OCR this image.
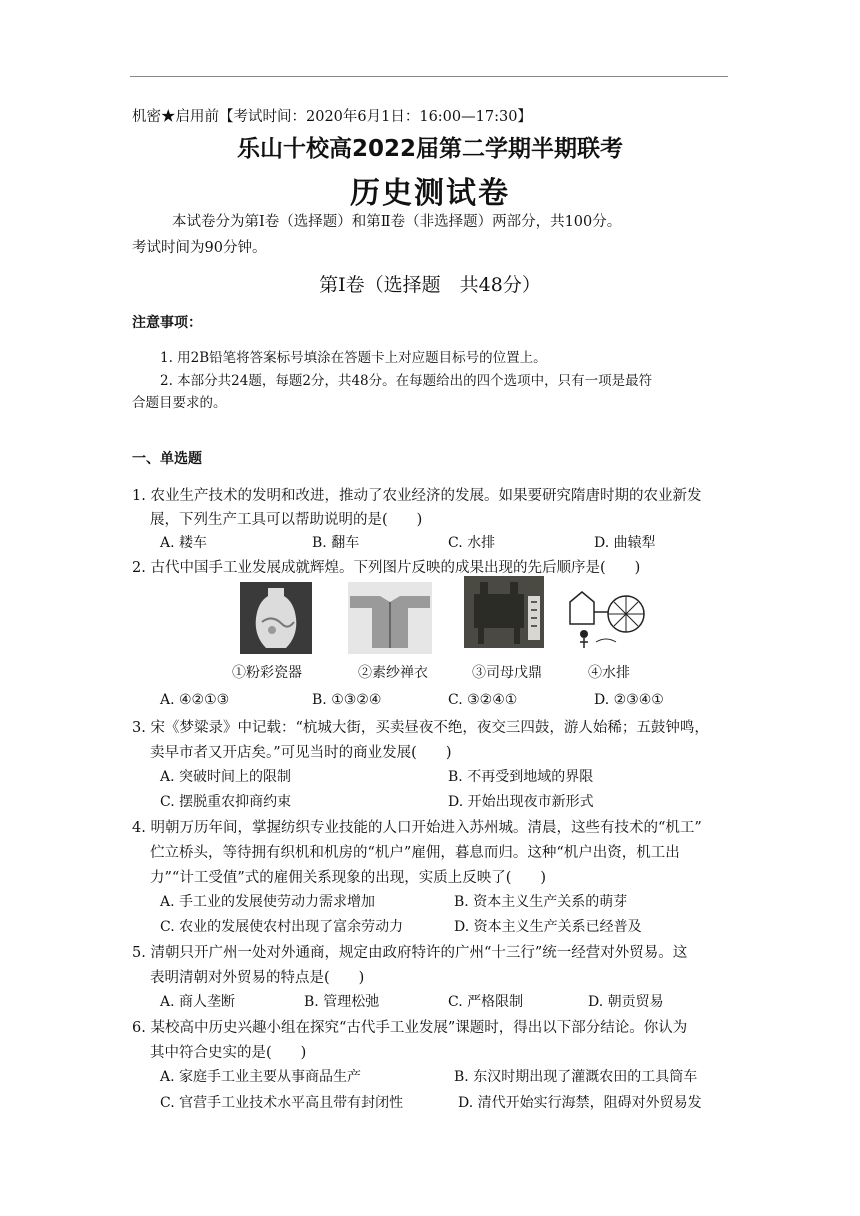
机密★启用前【考试时间：2020年6月1日：16:00—17:30】
乐山十校高2022届第二学期半期联考
历史测试卷
本试卷分为第Ⅰ卷（选择题）和第Ⅱ卷（非选择题）两部分，共100分。
考试时间为90分钟。
第Ⅰ卷（选择题　共48分）
注意事项：
1. 用2B铅笔将答案标号填涂在答题卡上对应题目标号的位置上。
2. 本部分共24题，每题2分，共48分。在每题给出的四个选项中，只有一项是最符
合题目要求的。
一、单选题
1. 农业生产技术的发明和改进，推动了农业经济的发展。如果要研究隋唐时期的农业新发
展，下列生产工具可以帮助说明的是(　　)
A. 耧车	B. 翻车	C. 水排	D. 曲辕犁
2. 古代中国手工业发展成就辉煌。下列图片反映的成果出现的先后顺序是(　　)
①粉彩瓷器	②素纱禅衣	③司母戊鼎	④水排
A. ④②①③	B. ①③②④	C. ③②④①	D. ②③④①
3. 宋《梦粱录》中记载：“杭城大街，买卖昼夜不绝，夜交三四鼓，游人始稀；五鼓钟鸣，
卖早市者又开店矣。”可见当时的商业发展(　　)
A. 突破时间上的限制	B. 不再受到地域的界限
C. 摆脱重农抑商约束	D. 开始出现夜市新形式
4. 明朝万历年间，掌握纺织专业技能的人口开始进入苏州城。清晨，这些有技术的“机工”
伫立桥头，等待拥有织机和机房的“机户”雇佣，暮息而归。这种“机户出资，机工出
力”“计工受值”式的雇佣关系现象的出现，实质上反映了(　　)
A. 手工业的发展使劳动力需求增加	B. 资本主义生产关系的萌芽
C. 农业的发展使农村出现了富余劳动力	D. 资本主义生产关系已经普及
5. 清朝只开广州一处对外通商，规定由政府特许的广州“十三行”统一经营对外贸易。这
表明清朝对外贸易的特点是(　　)
A. 商人垄断	B. 管理松弛	C. 严格限制	D. 朝贡贸易
6. 某校高中历史兴趣小组在探究“古代手工业发展”课题时，得出以下部分结论。你认为
其中符合史实的是(　　)
A. 家庭手工业主要从事商品生产	B. 东汉时期出现了灌溉农田的工具筒车
C. 官营手工业技术水平高且带有封闭性	D. 清代开始实行海禁，阻碍对外贸易发
